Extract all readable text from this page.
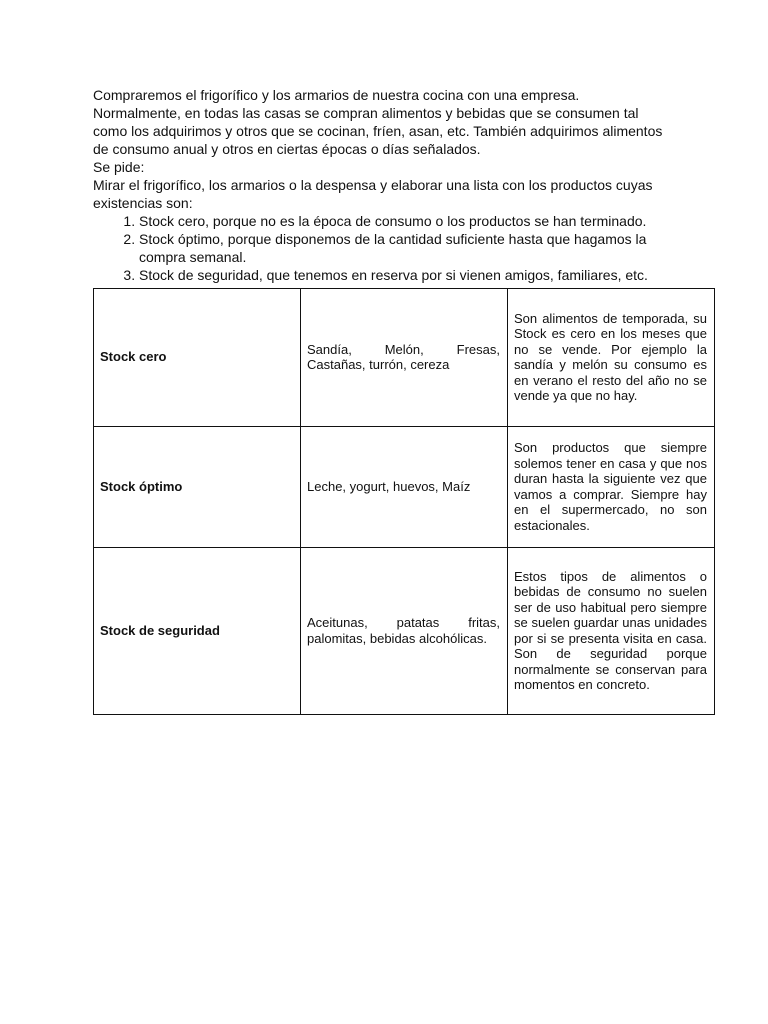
Compraremos el frigorífico y los armarios de nuestra cocina con una empresa.

Normalmente, en todas las casas se compran alimentos y bebidas que se consumen tal como los adquirimos y otros que se cocinan, fríen, asan, etc. También adquirimos alimentos de consumo anual y otros en ciertas épocas o días señalados.

Se pide:

Mirar el frigorífico, los armarios o la despensa y elaborar una lista con los productos cuyas existencias son:

1. Stock cero, porque no es la época de consumo o los productos se han terminado.
2. Stock óptimo, porque disponemos de la cantidad suficiente hasta que hagamos la compra semanal.
3. Stock de seguridad, que tenemos en reserva por si vienen amigos, familiares, etc.
Stock cero	Sandía, Melón, Fresas, Castañas, turrón, cereza	Son alimentos de temporada, su Stock es cero en los meses que no se vende. Por ejemplo la sandía y melón su consumo es en verano el resto del año no se vende ya que no hay.
Stock óptimo	Leche, yogurt, huevos, Maíz	Son productos que siempre solemos tener en casa y que nos duran hasta la siguiente vez que vamos a comprar. Siempre hay en el supermercado, no son estacionales.
Stock de seguridad	Aceitunas, patatas fritas, palomitas, bebidas alcohólicas.	Estos tipos de alimentos o bebidas de consumo no suelen ser de uso habitual pero siempre se suelen guardar unas unidades por si se presenta visita en casa. Son de seguridad porque normalmente se conservan para momentos en concreto.
